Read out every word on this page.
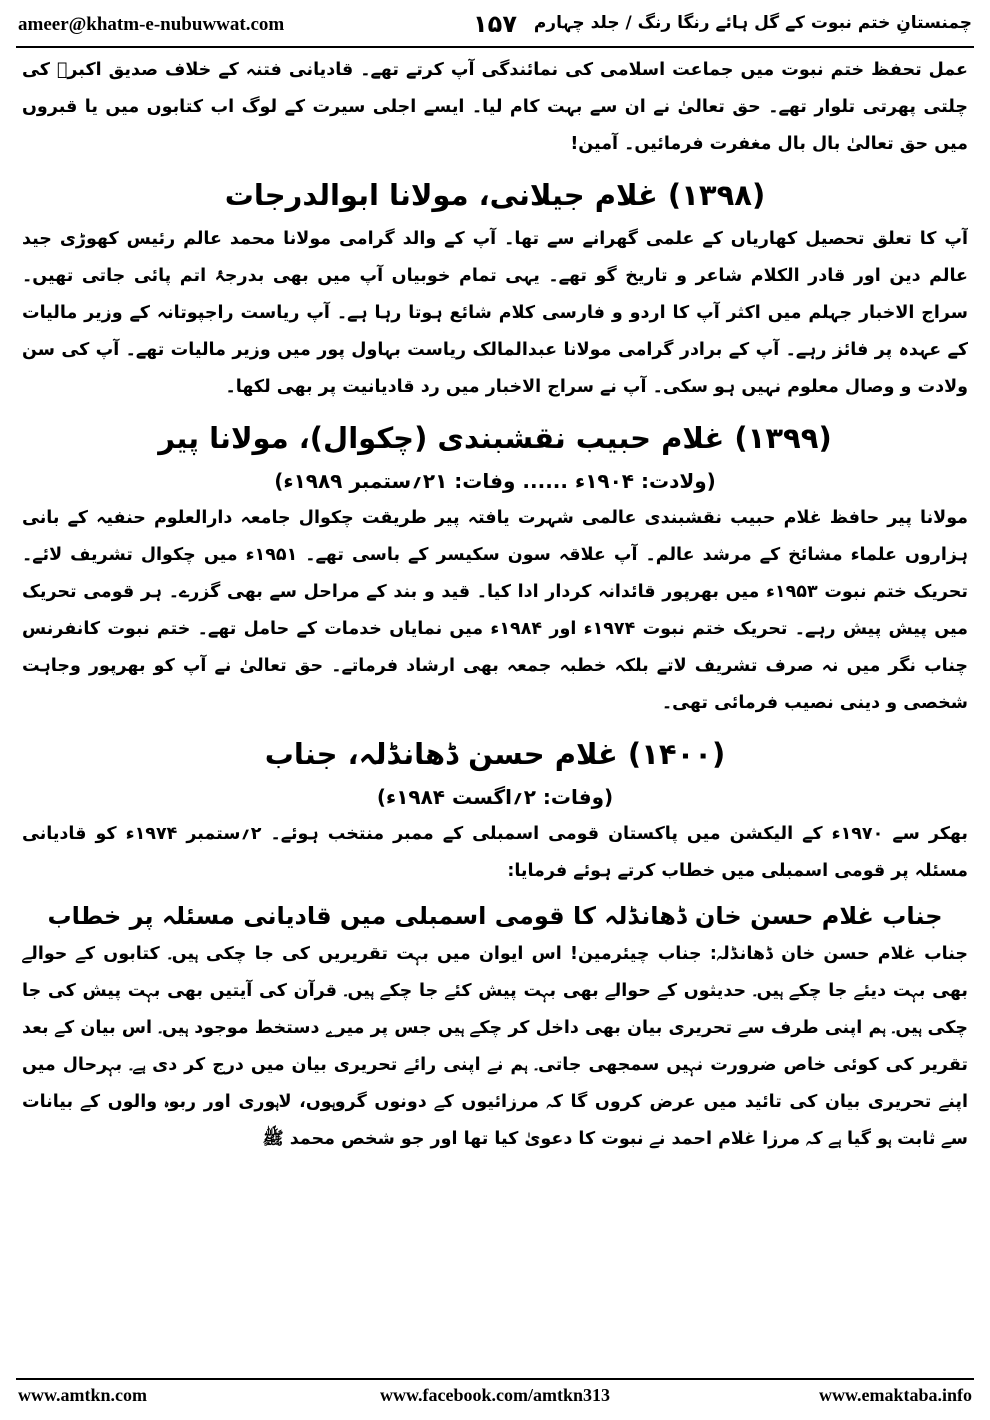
ameer@khatm-e-nubuwwat.com	۱۵۷ چمنستانِ ختم نبوت کے گل ہائے رنگا رنگ / جلد چہارم

عمل تحفظ ختم نبوت میں جماعت اسلامی کی نمائندگی آپ کرتے تھے۔ قادیانی فتنہ کے خلاف صدیق اکبرؓ کی چلتی پھرتی تلوار تھے۔ حق تعالیٰ نے ان سے بہت کام لیا۔ ایسے اجلی سیرت کے لوگ اب کتابوں میں یا قبروں میں حق تعالیٰ بال بال مغفرت فرمائیں۔ آمین!

(۱۳۹۸) غلام جیلانی، مولانا ابوالدرجات

آپ کا تعلق تحصیل کھاریاں کے علمی گھرانے سے تھا۔ آپ کے والد گرامی مولانا محمد عالم رئیس کھوڑی جید عالم دین اور قادر الکلام شاعر و تاریخ گو تھے۔ یہی تمام خوبیاں آپ میں بھی بدرجۂ اتم پائی جاتی تھیں۔ سراج الاخبار جہلم میں اکثر آپ کا اردو و فارسی کلام شائع ہوتا رہا ہے۔ آپ ریاست راجپوتانہ کے وزیر مالیات کے عہدہ پر فائز رہے۔ آپ کے برادر گرامی مولانا عبدالمالک ریاست بہاول پور میں وزیر مالیات تھے۔ آپ کی سن ولادت و وصال معلوم نہیں ہو سکی۔ آپ نے سراج الاخبار میں رد قادیانیت پر بھی لکھا۔

(۱۳۹۹) غلام حبیب نقشبندی (چکوال)، مولانا پیر
(ولادت: ۱۹۰۴ء ...... وفات: ۲۱؍ستمبر ۱۹۸۹ء)

مولانا پیر حافظ غلام حبیب نقشبندی عالمی شہرت یافتہ پیر طریقت چکوال جامعہ دارالعلوم حنفیہ کے بانی ہزاروں علماء مشائخ کے مرشد عالم۔ آپ علاقہ سون سکیسر کے باسی تھے۔ ۱۹۵۱ء میں چکوال تشریف لائے۔ تحریک ختم نبوت ۱۹۵۳ء میں بھرپور قائدانہ کردار ادا کیا۔ قید و بند کے مراحل سے بھی گزرے۔ ہر قومی تحریک میں پیش پیش رہے۔ تحریک ختم نبوت ۱۹۷۴ء اور ۱۹۸۴ء میں نمایاں خدمات کے حامل تھے۔ ختم نبوت کانفرنس چناب نگر میں نہ صرف تشریف لاتے بلکہ خطبہ جمعہ بھی ارشاد فرماتے۔ حق تعالیٰ نے آپ کو بھرپور وجاہت شخصی و دینی نصیب فرمائی تھی۔

(۱۴۰۰) غلام حسن ڈھانڈلہ، جناب
(وفات: ۲؍اگست ۱۹۸۴ء)

بھکر سے ۱۹۷۰ء کے الیکشن میں پاکستان قومی اسمبلی کے ممبر منتخب ہوئے۔ ۲؍ستمبر ۱۹۷۴ء کو قادیانی مسئلہ پر قومی اسمبلی میں خطاب کرتے ہوئے فرمایا:

جناب غلام حسن خان ڈھانڈلہ کا قومی اسمبلی میں قادیانی مسئلہ پر خطاب

جناب غلام حسن خان ڈھانڈلہ: جناب چیئرمین! اس ایوان میں بہت تقریریں کی جا چکی ہیں۔ کتابوں کے حوالے بھی بہت دیئے جا چکے ہیں۔ حدیثوں کے حوالے بھی بہت پیش کئے جا چکے ہیں۔ قرآن کی آیتیں بھی بہت پیش کی جا چکی ہیں۔ ہم اپنی طرف سے تحریری بیان بھی داخل کر چکے ہیں جس پر میرے دستخط موجود ہیں۔ اس بیان کے بعد تقریر کی کوئی خاص ضرورت نہیں سمجھی جاتی۔ ہم نے اپنی رائے تحریری بیان میں درج کر دی ہے۔ بہرحال میں اپنے تحریری بیان کی تائید میں عرض کروں گا کہ مرزائیوں کے دونوں گروہوں، لاہوری اور ربوہ والوں کے بیانات سے ثابت ہو گیا ہے کہ مرزا غلام احمد نے نبوت کا دعویٰ کیا تھا اور جو شخص محمد ﷺ

www.amtkn.com	www.facebook.com/amtkn313	www.emaktaba.info
